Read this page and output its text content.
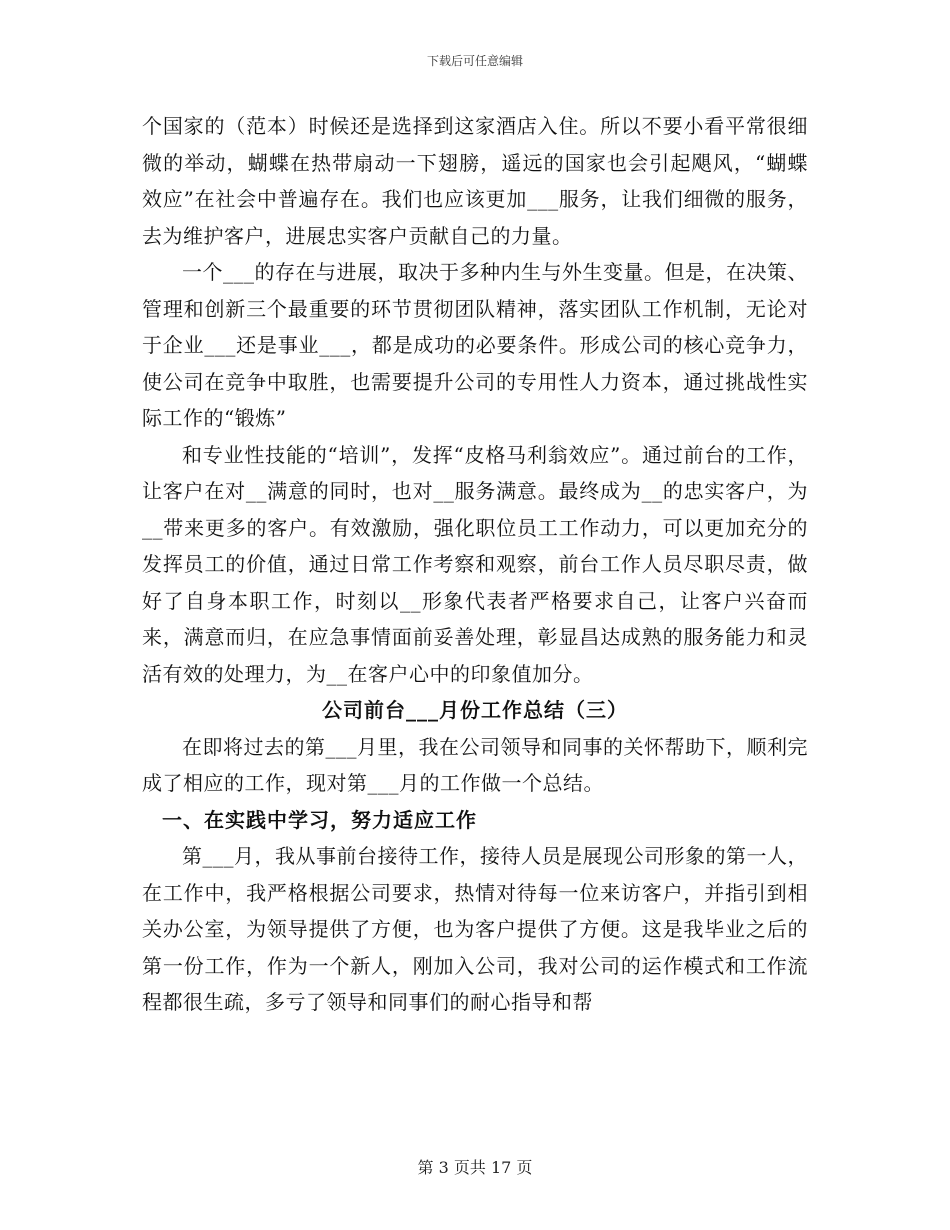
下载后可任意编辑

个国家的（范本）时候还是选择到这家酒店入住。所以不要小看平常很细微的举动，蝴蝶在热带扇动一下翅膀，遥远的国家也会引起飓风，“蝴蝶效应”在社会中普遍存在。我们也应该更加___服务，让我们细微的服务，去为维护客户，进展忠实客户贡献自己的力量。

一个___的存在与进展，取决于多种内生与外生变量。但是，在决策、管理和创新三个最重要的环节贯彻团队精神，落实团队工作机制，无论对于企业___还是事业___，都是成功的必要条件。形成公司的核心竞争力，使公司在竞争中取胜，也需要提升公司的专用性人力资本，通过挑战性实际工作的“锻炼”

和专业性技能的“培训”，发挥“皮格马利翁效应”。通过前台的工作，让客户在对__满意的同时，也对__服务满意。最终成为__的忠实客户，为__带来更多的客户。有效激励，强化职位员工工作动力，可以更加充分的发挥员工的价值，通过日常工作考察和观察，前台工作人员尽职尽责，做好了自身本职工作，时刻以__形象代表者严格要求自己，让客户兴奋而来，满意而归，在应急事情面前妥善处理，彰显昌达成熟的服务能力和灵活有效的处理力，为__在客户心中的印象值加分。

公司前台___月份工作总结（三）

在即将过去的第___月里，我在公司领导和同事的关怀帮助下，顺利完成了相应的工作，现对第___月的工作做一个总结。

一、在实践中学习，努力适应工作

第___月，我从事前台接待工作，接待人员是展现公司形象的第一人，在工作中，我严格根据公司要求，热情对待每一位来访客户，并指引到相关办公室，为领导提供了方便，也为客户提供了方便。这是我毕业之后的第一份工作，作为一个新人，刚加入公司，我对公司的运作模式和工作流程都很生疏，多亏了领导和同事们的耐心指导和帮

第 3 页共 17 页
